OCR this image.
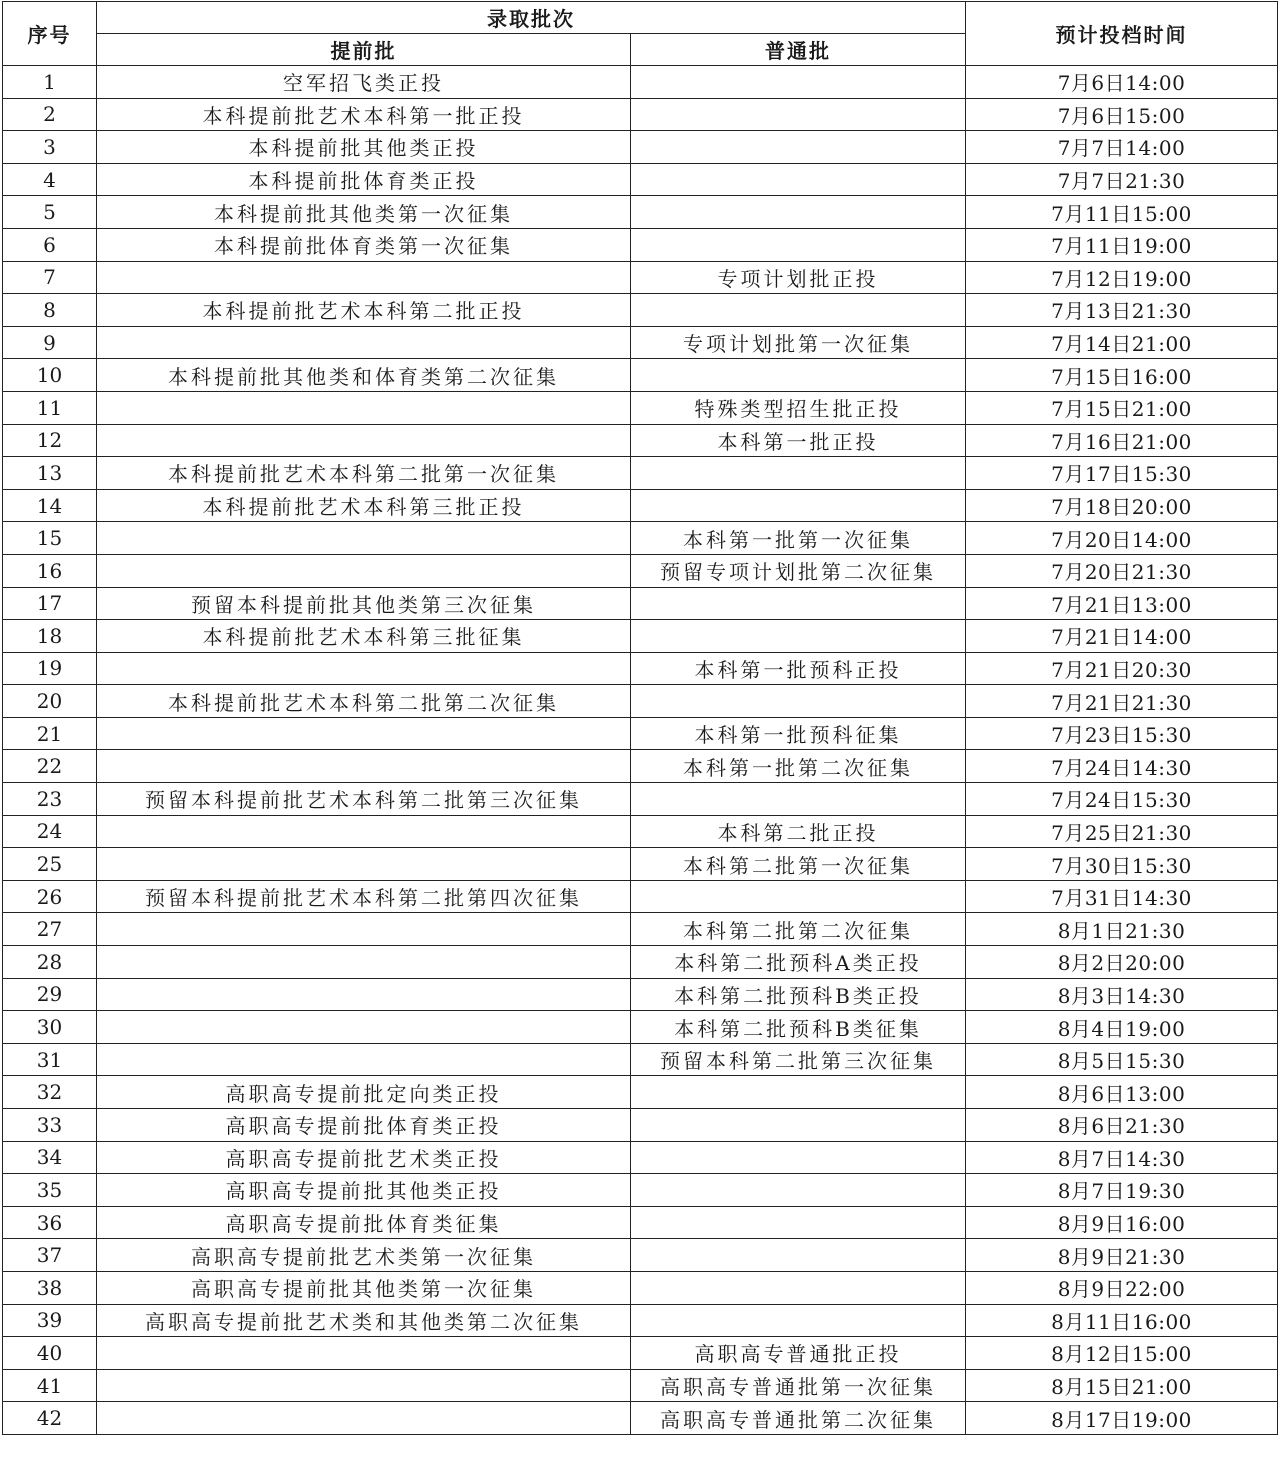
序号	录取批次		预计投档时间
	提前批	普通批	
1	空军招飞类正投		7月6日14:00
2	本科提前批艺术本科第一批正投		7月6日15:00
3	本科提前批其他类正投		7月7日14:00
4	本科提前批体育类正投		7月7日21:30
5	本科提前批其他类第一次征集		7月11日15:00
6	本科提前批体育类第一次征集		7月11日19:00
7		专项计划批正投	7月12日19:00
8	本科提前批艺术本科第二批正投		7月13日21:30
9		专项计划批第一次征集	7月14日21:00
10	本科提前批其他类和体育类第二次征集		7月15日16:00
11		特殊类型招生批正投	7月15日21:00
12		本科第一批正投	7月16日21:00
13	本科提前批艺术本科第二批第一次征集		7月17日15:30
14	本科提前批艺术本科第三批正投		7月18日20:00
15		本科第一批第一次征集	7月20日14:00
16		预留专项计划批第二次征集	7月20日21:30
17	预留本科提前批其他类第三次征集		7月21日13:00
18	本科提前批艺术本科第三批征集		7月21日14:00
19		本科第一批预科正投	7月21日20:30
20	本科提前批艺术本科第二批第二次征集		7月21日21:30
21		本科第一批预科征集	7月23日15:30
22		本科第一批第二次征集	7月24日14:30
23	预留本科提前批艺术本科第二批第三次征集		7月24日15:30
24		本科第二批正投	7月25日21:30
25		本科第二批第一次征集	7月30日15:30
26	预留本科提前批艺术本科第二批第四次征集		7月31日14:30
27		本科第二批第二次征集	8月1日21:30
28		本科第二批预科A类正投	8月2日20:00
29		本科第二批预科B类正投	8月3日14:30
30		本科第二批预科B类征集	8月4日19:00
31		预留本科第二批第三次征集	8月5日15:30
32	高职高专提前批定向类正投		8月6日13:00
33	高职高专提前批体育类正投		8月6日21:30
34	高职高专提前批艺术类正投		8月7日14:30
35	高职高专提前批其他类正投		8月7日19:30
36	高职高专提前批体育类征集		8月9日16:00
37	高职高专提前批艺术类第一次征集		8月9日21:30
38	高职高专提前批其他类第一次征集		8月9日22:00
39	高职高专提前批艺术类和其他类第二次征集		8月11日16:00
40		高职高专普通批正投	8月12日15:00
41		高职高专普通批第一次征集	8月15日21:00
42		高职高专普通批第二次征集	8月17日19:00
